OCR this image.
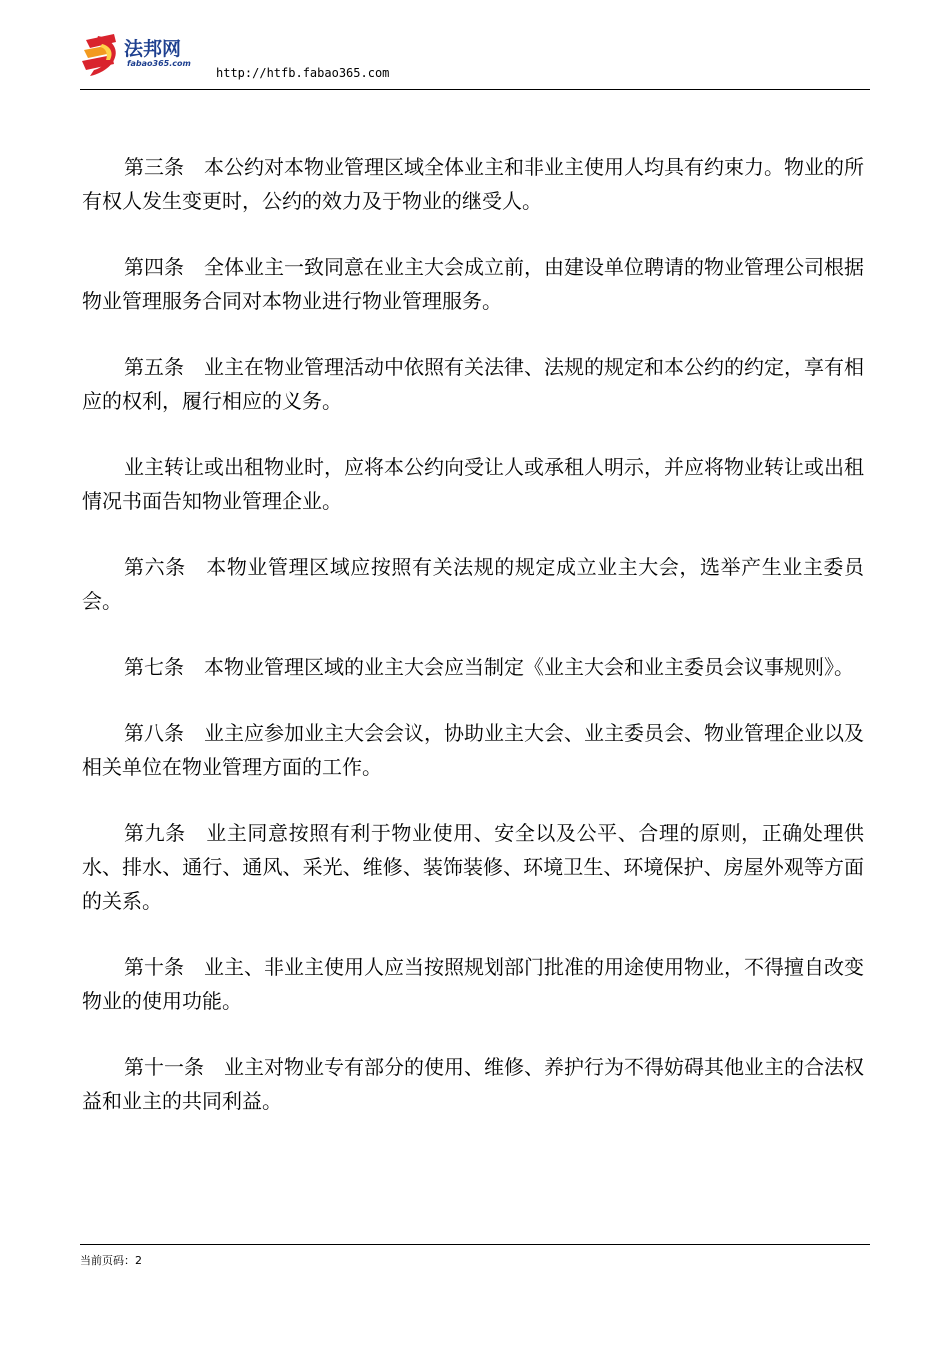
法邦网
fabao365.com
http://htfb.fabao365.com

第三条　本公约对本物业管理区域全体业主和非业主使用人均具有约束力。物业的所有权人发生变更时，公约的效力及于物业的继受人。

第四条　全体业主一致同意在业主大会成立前，由建设单位聘请的物业管理公司根据物业管理服务合同对本物业进行物业管理服务。

第五条　业主在物业管理活动中依照有关法律、法规的规定和本公约的约定，享有相应的权利，履行相应的义务。

业主转让或出租物业时，应将本公约向受让人或承租人明示，并应将物业转让或出租情况书面告知物业管理企业。

第六条　本物业管理区域应按照有关法规的规定成立业主大会，选举产生业主委员会。

第七条　本物业管理区域的业主大会应当制定《业主大会和业主委员会议事规则》。

第八条　业主应参加业主大会会议，协助业主大会、业主委员会、物业管理企业以及相关单位在物业管理方面的工作。

第九条　业主同意按照有利于物业使用、安全以及公平、合理的原则，正确处理供水、排水、通行、通风、采光、维修、装饰装修、环境卫生、环境保护、房屋外观等方面的关系。

第十条　业主、非业主使用人应当按照规划部门批准的用途使用物业，不得擅自改变物业的使用功能。

第十一条　业主对物业专有部分的使用、维修、养护行为不得妨碍其他业主的合法权益和业主的共同利益。

当前页码：2
